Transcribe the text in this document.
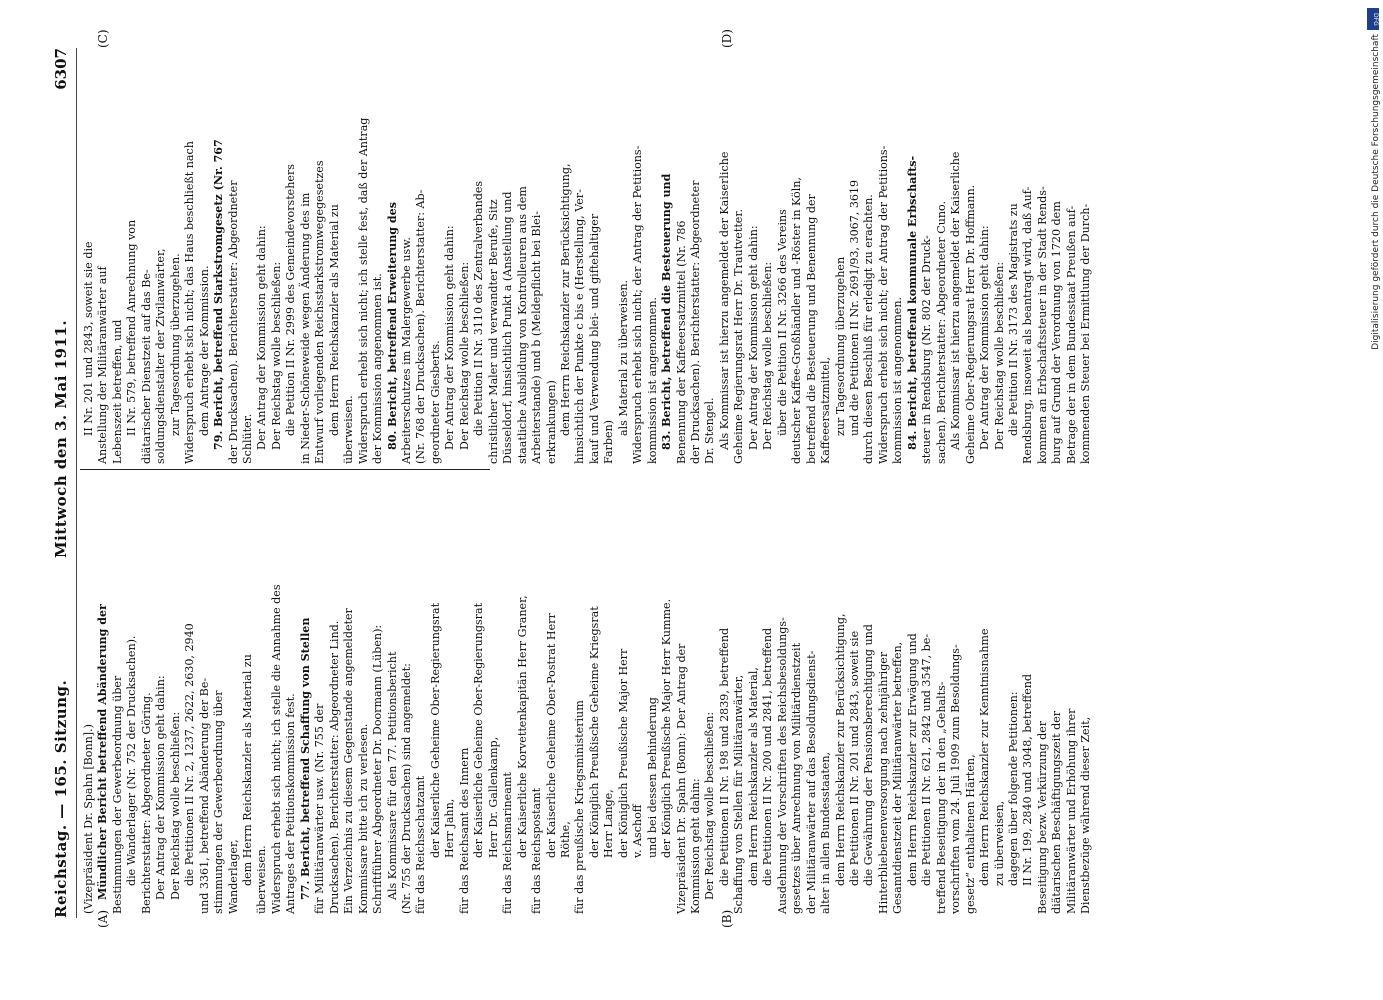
Reichstag. — 165. Sitzung.
Mittwoch den 3. Mai 1911.
6307

(Vizepräsident Dr. Spahn [Bonn].) Mündlicher Bericht betreffend Abänderung der Bestimmungen der Gewerbeordnung über die Wanderlager (Nr. 752 der Drucksachen). Berichterstatter: Abgeordneter Göring. Der Antrag der Kommission geht dahin: Der Reichstag wolle beschließen: die Petitionen II Nr. 2, 1237, 2622, 2630, 2940 und 3361, betreffend Abänderung der Be- stimmungen der Gewerbeordnung über Wanderlager, dem Herrn Reichskanzler als Material zu überweisen. Widerspruch erhebt sich nicht; ich stelle die Annahme des Antrages der Petitionskommission fest. 77. Bericht, betreffend Schaffung von Stellen für Militäranwärter usw. (Nr. 755 der Drucksachen). Berichterstatter: Abgeordneter Lind. Ein Verzeichnis zu diesem Gegenstande angemeldeter Kommissare bitte ich zu verlesen. Schriftführer Abgeordneter Dr. Doormann (Lüben): Als Kommissare für den 77. Petitionsbericht (Nr. 755 der Drucksachen) sind angemeldet: für das Reichsschatzamt der Kaiserliche Geheime Ober-Regierungsrat Herr Jahn, für das Reichsamt des Innern der Kaiserliche Geheime Ober-Regierungsrat Herr Dr. Gallenkamp, für das Reichsmarineamt der Kaiserliche Korvettenkapitän Herr Graner, für das Reichspostamt der Kaiserliche Geheime Ober-Postrat Herr Röthe, für das preußische Kriegsministerium der Königlich Preußische Geheime Kriegsrat Herr Lange, der Königlich Preußische Major Herr v. Aschoff und bei dessen Behinderung der Königlich Preußische Major Herr Kumme. Vizepräsident Dr. Spahn (Bonn): Der Antrag der Kommission geht dahin: Der Reichstag wolle beschließen: die Petitionen II Nr. 198 und 2839, betreffend Schaffung von Stellen für Militäranwärter, dem Herrn Reichskanzler als Material, die Petitionen II Nr. 200 und 2841, betreffend Ausdehnung der Vorschriften des Reichsbesoldungs- gesetzes über Anrechnung von Militärdienstzeit der Militäranwärter auf das Besoldungsdienst- alter in allen Bundesstaaten, dem Herrn Reichskanzler zur Berücksichtigung, die Petitionen II Nr. 201 und 2843, soweit sie die Gewährung der Pensionsberechtigung und Hinterbliebenenversorgung nach zehnjähriger Gesamtdienstzeit der Militäranwärter betreffen, dem Herrn Reichskanzler zur Erwägung und die Petitionen II Nr. 621, 2842 und 3547, be- treffend Beseitigung der in den „Gehalts- vorschriften vom 24. Juli 1909 zum Besoldungs- gesetz“ enthaltenen Härten, dem Herrn Reichskanzler zur Kenntnisnahme zu überweisen, dagegen über folgende Petitionen: II Nr. 199, 2840 und 3048, betreffend Beseitigung bezw. Verkürzung der diätarischen Beschäftigungszeit der Militäranwärter und Erhöhung ihrer Dienstbezüge während dieser Zeit,

II Nr. 201 und 2843, soweit sie die Anstellung der Militäranwärter auf Lebenszeit betreffen, und II Nr. 579, betreffend Anrechnung von diätarischer Dienstzeit auf das Be- soldungsdienstalter der Zivilanwärter, zur Tagesordnung überzugehen. Widerspruch erhebt sich nicht; das Haus beschließt nach dem Antrage der Kommission. 79. Bericht, betreffend Starkstromgesetz (Nr. 767 der Drucksachen). Berichterstatter: Abgeordneter Schlüter. Der Antrag der Kommission geht dahin: Der Reichstag wolle beschließen: die Petition II Nr. 2999 des Gemeindevorstehers in Nieder-Schöneweide wegen Änderung des im Entwurf vorliegenden Reichsstarkstromwegegesetzes dem Herrn Reichskanzler als Material zu überweisen. Widerspruch erhebt sich nicht; ich stelle fest, daß der Antrag der Kommission angenommen ist. 80. Bericht, betreffend Erweiterung des Arbeiterschutzes im Malergewerbe usw. (Nr. 768 der Drucksachen). Berichterstatter: Ab- geordneter Giesberts. Der Antrag der Kommission geht dahin: Der Reichstag wolle beschließen: die Petition II Nr. 3110 des Zentralverbandes christlicher Maler und verwandter Berufe, Sitz Düsseldorf, hinsichtlich Punkt a (Anstellung und staatliche Ausbildung von Kontrolleuren aus dem Arbeiterstande) und b (Meldepflicht bei Blei- erkrankungen) dem Herrn Reichskanzler zur Berücksichtigung, hinsichtlich der Punkte c bis e (Herstellung, Ver- kauf und Verwendung blei- und giftehaltiger Farben)

als Material zu überweisen. Widerspruch erhebt sich nicht; der Antrag der Petitions- kommission ist angenommen. 83. Bericht, betreffend die Besteuerung und Benennung der Kaffeeersatzmittel (Nr. 786 der Drucksachen). Berichterstatter: Abgeordneter Dr. Stengel. Als Kommissar ist hierzu angemeldet der Kaiserliche Geheime Regierungsrat Herr Dr. Trautvetter. Der Antrag der Kommission geht dahin: Der Reichstag wolle beschließen: über die Petition II Nr. 3266 des Vereins deutscher Kaffee-Großhändler und -Röster in Köln, betreffend die Besteuerung und Benennung der Kaffeeersatzmittel, zur Tagesordnung überzugehen und die Petitionen II Nr. 2691/93, 3067, 3619 durch diesen Beschluß für erledigt zu erachten. Widerspruch erhebt sich nicht; der Antrag der Petitions- kommission ist angenommen. 84. Bericht, betreffend kommunale Erbschafts- steuer in Rendsburg (Nr. 802 der Druck- sachen). Berichterstatter: Abgeordneter Cuno. Als Kommissar ist hierzu angemeldet der Kaiserliche Geheime Ober-Regierungsrat Herr Dr. Hoffmann. Der Antrag der Kommission geht dahin: Der Reichstag wolle beschließen: die Petition II Nr. 3173 des Magistrats zu Rendsburg, insoweit als beantragt wird, daß Auf- kommen an Erbschaftssteuer in der Stadt Rends- burg auf Grund der Verordnung von 1720 dem Betrage der in dem Bundesstaat Preußen auf- kommenden Steuer bei Ermittlung der Durch-

(A)	(B)
(C)	(D)
DFG
Digitalisierung gefördert durch die Deutsche Forschungsgemeinschaft
